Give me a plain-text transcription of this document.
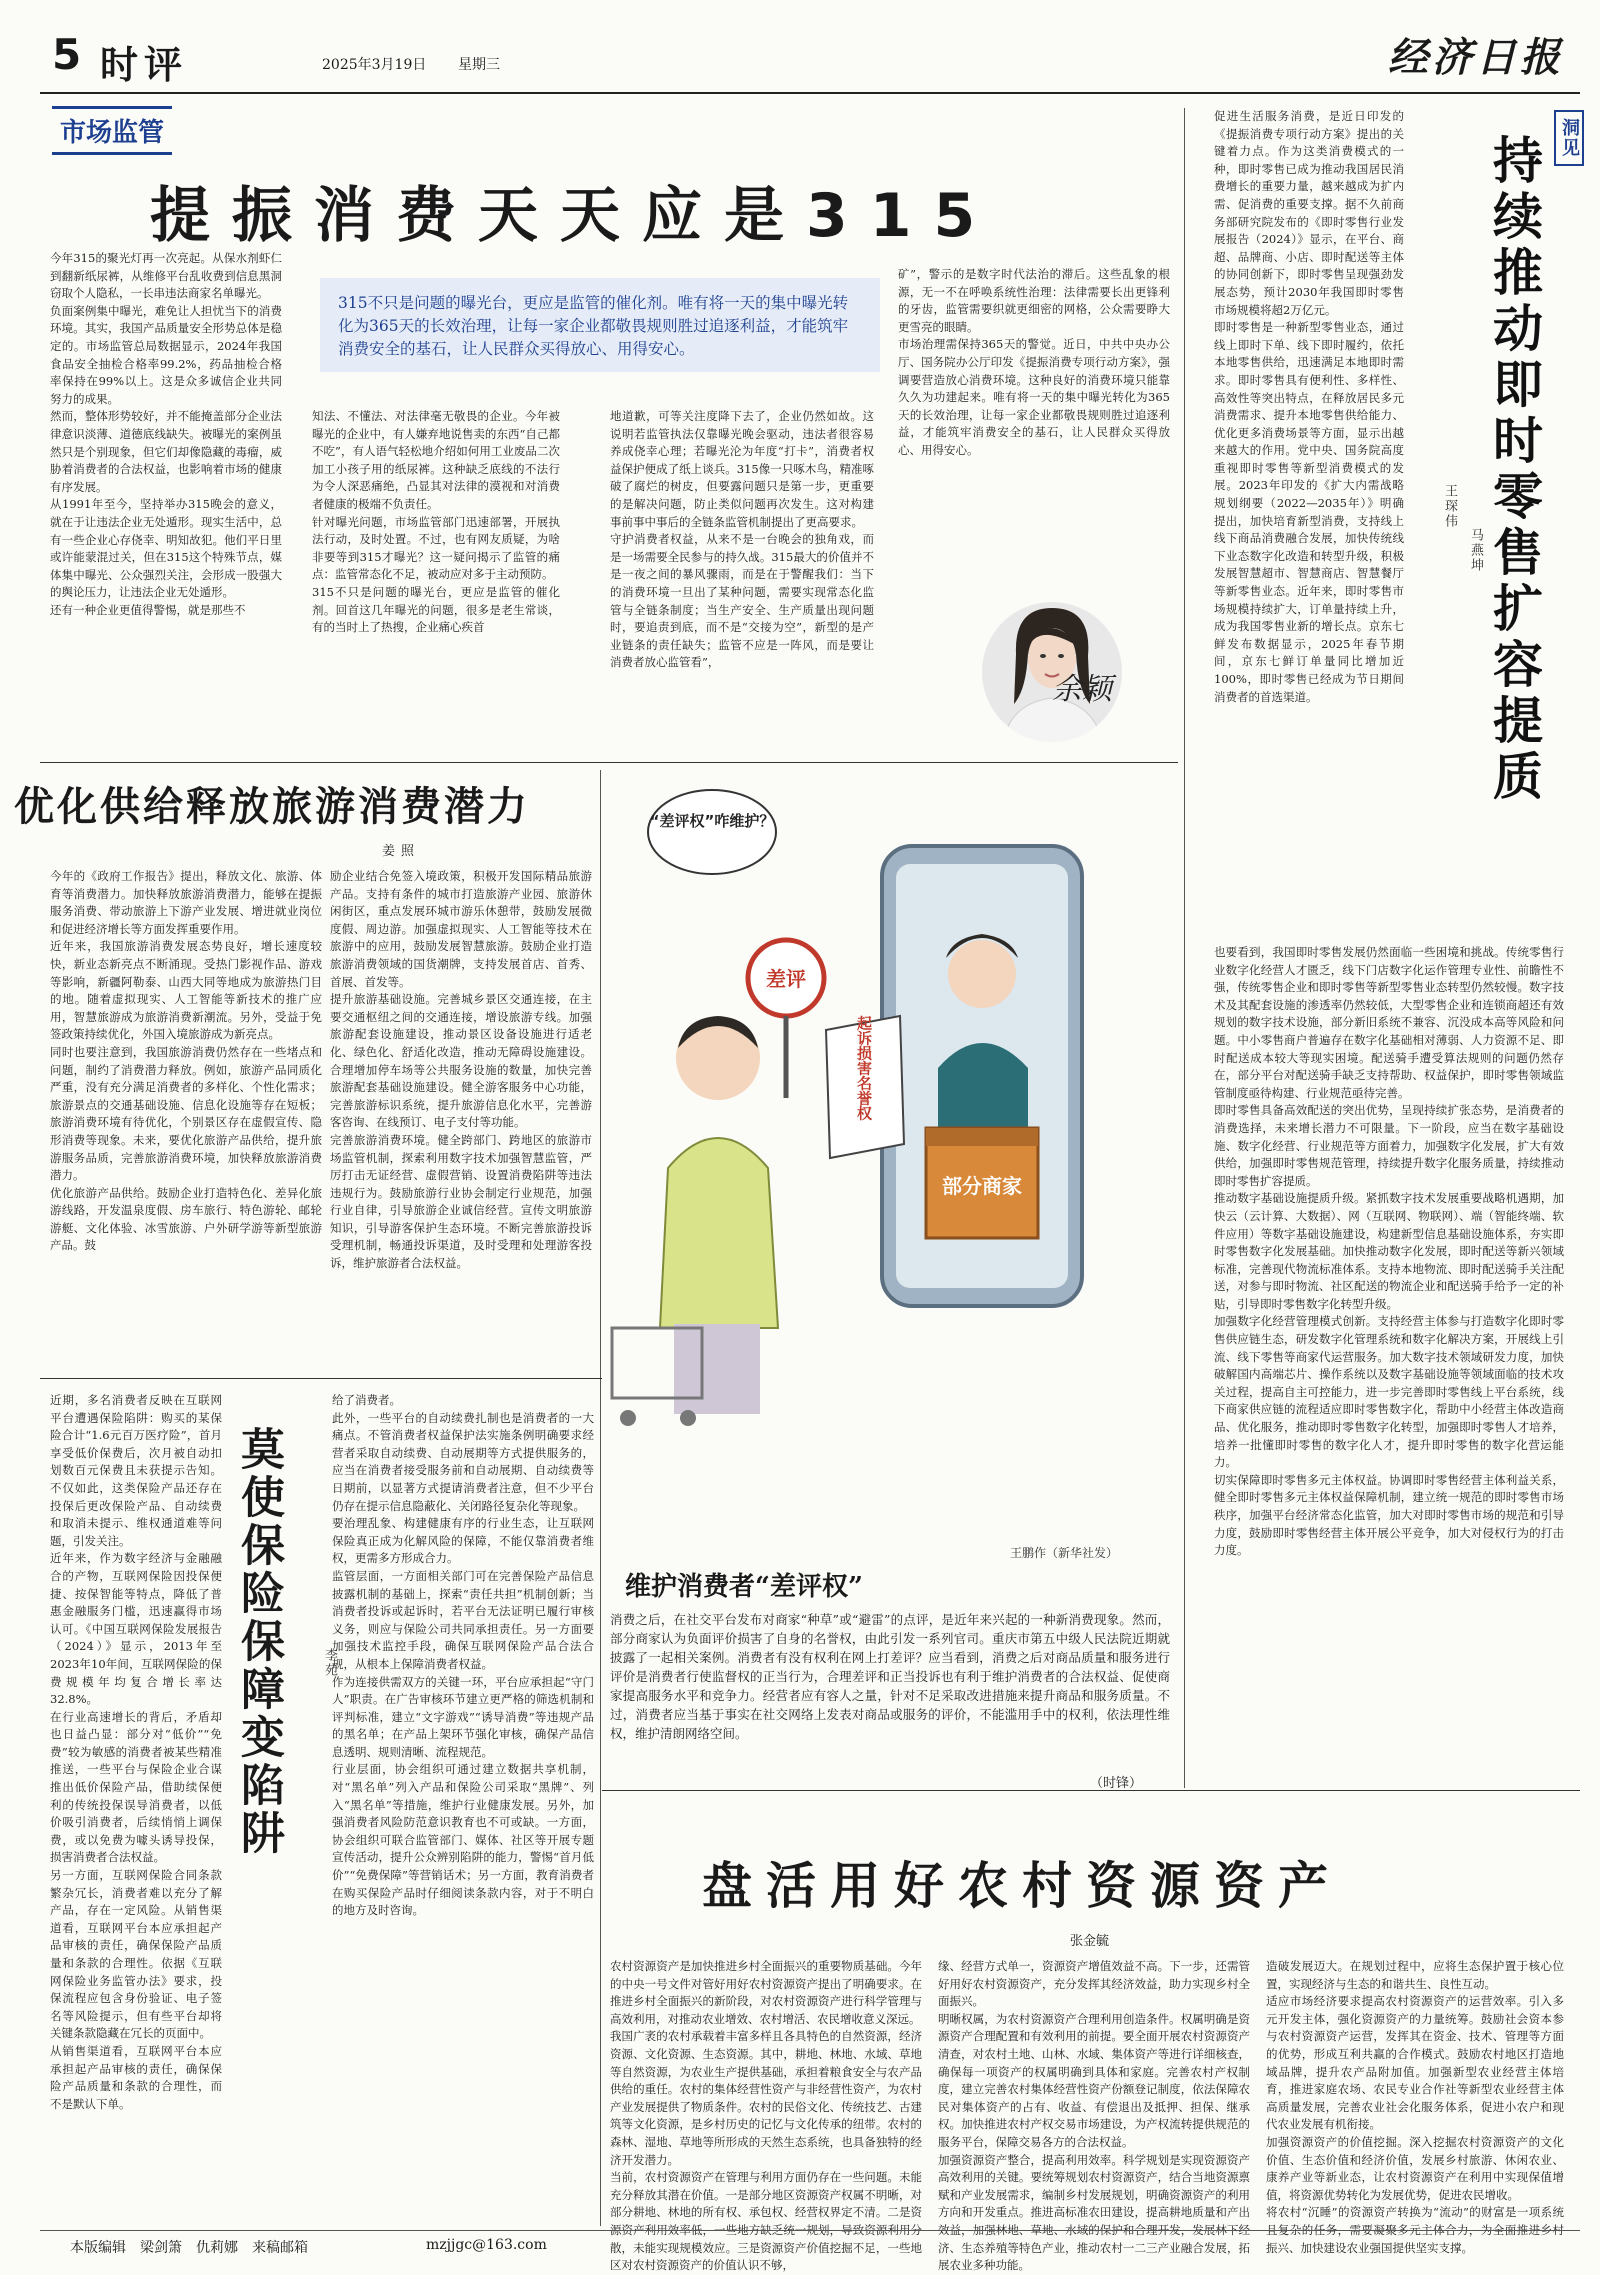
5 时评	2025年3月19日 星期三	经济日报
市场监管
提振消费天天应是315
315不只是问题的曝光台，更应是监管的催化剂。唯有将一天的集中曝光转化为365天的长效治理，让每一家企业都敬畏规则胜过追逐利益，才能筑牢消费安全的基石，让人民群众买得放心、用得安心。
今年315的聚光灯再一次亮起。从保水剂虾仁到翻新纸尿裤，从维修平台乱收费到信息黑洞窃取个人隐私，一长串违法商家名单曝光。
负面案例集中曝光，难免让人担忧当下的消费环境。其实，我国产品质量安全形势总体是稳定的。市场监管总局数据显示，2024年我国食品安全抽检合格率99.2%，药品抽检合格率保持在99%以上。这是众多诚信企业共同努力的成果。
然而，整体形势较好，并不能掩盖部分企业法律意识淡薄、道德底线缺失。被曝光的案例虽然只是个别现象，但它们却像隐藏的毒瘤，威胁着消费者的合法权益，也影响着市场的健康有序发展。
从1991年至今，坚持举办315晚会的意义，就在于让违法企业无处遁形。现实生活中，总有一些企业心存侥幸、明知故犯。他们平日里或许能蒙混过关，但在315这个特殊节点，媒体集中曝光、公众强烈关注，会形成一股强大的舆论压力，让违法企业无处遁形。
还有一种企业更值得警惕，就是那些不
知法、不懂法、对法律毫无敬畏的企业。今年被曝光的企业中，有人嫌弃地说售卖的东西“自己都不吃”，有人语气轻松地介绍如何用工业废品二次加工小孩子用的纸尿裤。这种缺乏底线的不法行为令人深恶痛绝，凸显其对法律的漠视和对消费者健康的极端不负责任。
针对曝光问题，市场监管部门迅速部署，开展执法行动，及时处置。不过，也有网友质疑，为啥非要等到315才曝光？这一疑问揭示了监管的痛点：监管常态化不足，被动应对多于主动预防。
315不只是问题的曝光台，更应是监管的催化剂。回首这几年曝光的问题，很多是老生常谈，有的当时上了热搜，企业痛心疾首
地道歉，可等关注度降下去了，企业仍然如故。这说明若监管执法仅靠曝光晚会驱动，违法者很容易养成侥幸心理；若曝光沦为年度“打卡”，消费者权益保护便成了纸上谈兵。315像一只啄木鸟，精准啄破了腐烂的树皮，但要露问题只是第一步，更重要的是解决问题，防止类似问题再次发生。这对构建事前事中事后的全链条监管机制提出了更高要求。
守护消费者权益，从来不是一台晚会的独角戏，而是一场需要全民参与的持久战。315最大的价值并不是一夜之间的暴风骤雨，而是在于警醒我们：当下的消费环境一旦出了某种问题，需要实现常态化监管与全链条制度；当生产安全、生产质量出现问题时，要追责到底，而不是“交接为空”，新型的是产业链条的责任缺失；监管不应是一阵风，而是要让消费者放心监管看”，
矿”，警示的是数字时代法治的滞后。这些乱象的根源，无一不在呼唤系统性治理：法律需要长出更锋利的牙齿，监管需要织就更细密的网格，公众需要睁大更雪亮的眼睛。
市场治理需保持365天的警觉。近日，中共中央办公厅、国务院办公厅印发《提振消费专项行动方案》，强调要营造放心消费环境。这种良好的消费环境只能靠久久为功建起来。唯有将一天的集中曝光转化为365天的长效治理，让每一家企业都敬畏规则胜过追逐利益，才能筑牢消费安全的基石，让人民群众买得放心、用得安心。
余颖
优化供给释放旅游消费潜力
姜照
今年的《政府工作报告》提出，释放文化、旅游、体育等消费潜力。加快释放旅游消费潜力，能够在提振服务消费、带动旅游上下游产业发展、增进就业岗位和促进经济增长等方面发挥重要作用。
近年来，我国旅游消费发展态势良好，增长速度较快，新业态新亮点不断涌现。受热门影视作品、游戏等影响，新疆阿勒泰、山西大同等地成为旅游热门目的地。随着虚拟现实、人工智能等新技术的推广应用，智慧旅游成为旅游消费新潮流。另外，受益于免签政策持续优化，外国入境旅游成为新亮点。
同时也要注意到，我国旅游消费仍然存在一些堵点和问题，制约了消费潜力释放。例如，旅游产品同质化严重，没有充分满足消费者的多样化、个性化需求；旅游景点的交通基础设施、信息化设施等存在短板；旅游消费环境有待优化，个别景区存在虚假宣传、隐形消费等现象。未来，要优化旅游产品供给，提升旅游服务品质，完善旅游消费环境，加快释放旅游消费潜力。
优化旅游产品供给。鼓励企业打造特色化、差异化旅游线路，开发温泉度假、房车旅行、特色游轮、邮轮游艇、文化体验、冰雪旅游、户外研学游等新型旅游产品。鼓
励企业结合免签入境政策，积极开发国际精品旅游产品。支持有条件的城市打造旅游产业园、旅游休闲街区，重点发展环城市游乐休憩带，鼓励发展微度假、周边游。加强虚拟现实、人工智能等技术在旅游中的应用，鼓励发展智慧旅游。鼓励企业打造旅游消费领域的国货潮牌，支持发展首店、首秀、首展、首发等。
提升旅游基础设施。完善城乡景区交通连接，在主要交通枢纽之间的交通连接，增设旅游专线。加强旅游配套设施建设，推动景区设备设施进行适老化、绿色化、舒适化改造，推动无障碍设施建设。合理增加停车场等公共服务设施的数量，加快完善旅游配套基础设施建设。健全游客服务中心功能，完善旅游标识系统，提升旅游信息化水平，完善游客咨询、在线预订、电子支付等功能。
完善旅游消费环境。健全跨部门、跨地区的旅游市场监管机制，探索利用数字技术加强智慧监管，严厉打击无证经营、虚假营销、设置消费陷阱等违法违规行为。鼓励旅游行业协会制定行业规范，加强行业自律，引导旅游企业诚信经营。宣传文明旅游知识，引导游客保护生态环境。不断完善旅游投诉受理机制，畅通投诉渠道，及时受理和处理游客投诉，维护旅游者合法权益。
部分商家
起诉损害名誉权
差评
“差评权”咋维护？
王鹏作（新华社发）
维护消费者“差评权”
消费之后，在社交平台发布对商家“种草”或“避雷”的点评，是近年来兴起的一种新消费现象。然而，部分商家认为负面评价损害了自身的名誉权，由此引发一系列官司。重庆市第五中级人民法院近期就披露了一起相关案例。消费者有没有权利在网上打差评？应当看到，消费之后对商品质量和服务进行评价是消费者行使监督权的正当行为，合理差评和正当投诉也有利于维护消费者的合法权益、促使商家提高服务水平和竞争力。经营者应有容人之量，针对不足采取改进措施来提升商品和服务质量。不过，消费者应当基于事实在社交网络上发表对商品或服务的评价，不能滥用手中的权利，依法理性维权，维护清朗网络空间。
（时锋）
洞见
持续推动即时零售扩容提质
王琛伟
马燕坤
促进生活服务消费，是近日印发的《提振消费专项行动方案》提出的关键着力点。作为这类消费模式的一种，即时零售已成为推动我国居民消费增长的重要力量，越来越成为扩内需、促消费的重要支撑。据不久前商务部研究院发布的《即时零售行业发展报告（2024）》显示，在平台、商超、品牌商、小店、即时配送等主体的协同创新下，即时零售呈现强劲发展态势，预计2030年我国即时零售市场规模将超2万亿元。
即时零售是一种新型零售业态，通过线上即时下单、线下即时履约，依托本地零售供给，迅速满足本地即时需求。即时零售具有便利性、多样性、高效性等突出特点，在释放居民多元消费需求、提升本地零售供给能力、优化更多消费场景等方面，显示出越来越大的作用。党中央、国务院高度重视即时零售等新型消费模式的发展。2023年印发的《扩大内需战略规划纲要（2022—2035年）》明确提出，加快培育新型消费，支持线上线下商品消费融合发展，加快传统线下业态数字化改造和转型升级，积极发展智慧超市、智慧商店、智慧餐厅等新零售业态。近年来，即时零售市场规模持续扩大，订单量持续上升，成为我国零售业新的增长点。京东七鲜发布数据显示，2025年春节期间，京东七鲜订单量同比增加近100%，即时零售已经成为节日期间消费者的首选渠道。
也要看到，我国即时零售发展仍然面临一些困境和挑战。传统零售行业数字化经营人才匮乏，线下门店数字化运作管理专业性、前瞻性不强，传统零售企业和即时零售等新型零售业态转型仍然较慢。数字技术及其配套设施的渗透率仍然较低，大型零售企业和连锁商超还有效规划的数字技术设施，部分新旧系统不兼容、沉没成本高等风险和问题。中小零售商户普遍存在数字化基础相对薄弱、人力资源不足、即时配送成本较大等现实困境。配送骑手遭受算法规则的问题仍然存在，部分平台对配送骑手缺乏支持帮助、权益保护，即时零售领域监管制度亟待构建、行业规范亟待完善。
即时零售具备高效配送的突出优势，呈现持续扩张态势，是消费者的消费选择，未来增长潜力不可限量。下一阶段，应当在数字基础设施、数字化经营、行业规范等方面着力，加强数字化发展，扩大有效供给，加强即时零售规范管理，持续提升数字化服务质量，持续推动即时零售扩容提质。
推动数字基础设施提质升级。紧抓数字技术发展重要战略机遇期，加快云（云计算、大数据）、网（互联网、物联网）、端（智能终端、软件应用）等数字基础设施建设，构建新型信息基础设施体系，夯实即时零售数字化发展基础。加快推动数字化发展，即时配送等新兴领域标准，完善现代物流标准体系。支持本地物流、即时配送骑手关注配送，对参与即时物流、社区配送的物流企业和配送骑手给予一定的补贴，引导即时零售数字化转型升级。
加强数字化经营管理模式创新。支持经营主体参与打造数字化即时零售供应链生态，研发数字化管理系统和数字化解决方案，开展线上引流、线下零售等商家代运营服务。加大数字技术领域研发力度，加快破解国内高端芯片、操作系统以及数字基础设施等领域面临的技术攻关过程，提高自主可控能力，进一步完善即时零售线上平台系统，线下商家供应链的流程适应即时零售数字化，帮助中小经营主体改造商品、优化服务，推动即时零售数字化转型，加强即时零售人才培养，培养一批懂即时零售的数字化人才，提升即时零售的数字化营运能力。
切实保障即时零售多元主体权益。协调即时零售经营主体利益关系，健全即时零售多元主体权益保障机制，建立统一规范的即时零售市场秩序，加强平台经济常态化监管，加大对即时零售市场的规范和引导力度，鼓励即时零售经营主体开展公平竞争，加大对侵权行为的打击力度。
莫使保险保障变陷阱	李苑
近期，多名消费者反映在互联网平台遭遇保险陷阱：购买的某保险合计“1.6元百万医疗险”，首月享受低价保费后，次月被自动扣划数百元保费且未获提示告知。不仅如此，这类保险产品还存在投保后更改保险产品、自动续费和取消未提示、维权通道难等问题，引发关注。
近年来，作为数字经济与金融融合的产物，互联网保险因投保便捷、按保智能等特点，降低了普惠金融服务门槛，迅速赢得市场认可。《中国互联网保险发展报告（2024）》显示，2013年至2023年10年间，互联网保险的保费规模年均复合增长率达32.8%。
在行业高速增长的背后，矛盾却也日益凸显：部分对“低价”“免费”较为敏感的消费者被某些精准推送，一些平台与保险企业合谋推出低价保险产品，借助续保便利的传统投保误导消费者，以低价吸引消费者，后续悄悄上调保费，或以免费为噱头诱导投保，损害消费者合法权益。
另一方面，互联网保险合同条款繁杂冗长，消费者难以充分了解产品，存在一定风险。从销售渠道看，互联网平台本应承担起产品审核的责任，确保保险产品质量和条款的合理性。依据《互联网保险业务监管办法》要求，投保流程应包含身份验证、电子签名等风险提示，但有些平台却将关键条款隐藏在冗长的页面中。
从销售渠道看，互联网平台本应承担起产品审核的责任，确保保险产品质量和条款的合理性，而不是默认下单。
给了消费者。
此外，一些平台的自动续费扎制也是消费者的一大痛点。不管消费者权益保护法实施条例明确要求经营者采取自动续费、自动展期等方式提供服务的，应当在消费者接受服务前和自动展期、自动续费等日期前，以显著方式提请消费者注意，但不少平台仍存在提示信息隐蔽化、关闭路径复杂化等现象。
要治理乱象、构建健康有序的行业生态，让互联网保险真正成为化解风险的保障，不能仅靠消费者维权，更需多方形成合力。
监管层面，一方面相关部门可在完善保险产品信息披露机制的基础上，探索“责任共担”机制创新；当消费者投诉或起诉时，若平台无法证明已履行审核义务，则应与保险公司共同承担责任。另一方面要加强技术监控手段，确保互联网保险产品合法合规，从根本上保障消费者权益。
作为连接供需双方的关键一环，平台应承担起“守门人”职责。在广告审核环节建立更严格的筛选机制和评判标准，建立“文字游戏”“诱导消费”等违规产品的黑名单；在产品上架环节强化审核，确保产品信息透明、规则清晰、流程规范。
行业层面，协会组织可通过建立数据共享机制，对“黑名单”列入产品和保险公司采取“黑牌”、列入“黑名单”等措施，维护行业健康发展。另外，加强消费者风险防范意识教育也不可或缺。一方面，协会组织可联合监管部门、媒体、社区等开展专题宣传活动，提升公众辨别陷阱的能力，警惕“首月低价”“免费保障”等营销话术；另一方面，教育消费者在购买保险产品时仔细阅读条款内容，对于不明白的地方及时咨询。	盘活用好农村资源资产
张金毓
农村资源资产是加快推进乡村全面振兴的重要物质基础。今年的中央一号文件对管好用好农村资源资产提出了明确要求。在推进乡村全面振兴的新阶段，对农村资源资产进行科学管理与高效利用，对推动农业增效、农村增活、农民增收意义深远。
我国广袤的农村承载着丰富多样且各具特色的自然资源，经济资源、文化资源、生态资源。其中，耕地、林地、水域、草地等自然资源，为农业生产提供基础，承担着粮食安全与农产品供给的重任。农村的集体经营性资产与非经营性资产，为农村产业发展提供了物质条件。农村的民俗文化、传统技艺、古建筑等文化资源，是乡村历史的记忆与文化传承的纽带。农村的森林、湿地、草地等所形成的天然生态系统，也具备独特的经济开发潜力。
当前，农村资源资产在管理与利用方面仍存在一些问题。未能充分释放其潜在价值。一是部分地区资源资产权属不明晰，对部分耕地、林地的所有权、承包权、经营权界定不清。二是资源资产利用效率低，一些地方缺乏统一规划，导致资源利用分散，未能实现规模效应。三是资源资产价值挖掘不足，一些地区对农村资源资产的价值认识不够，
缘、经营方式单一，资源资产增值效益不高。下一步，还需管好用好农村资源资产，充分发挥其经济效益，助力实现乡村全面振兴。
明晰权属，为农村资源资产合理利用创造条件。权属明确是资源资产合理配置和有效利用的前提。要全面开展农村资源资产清查，对农村土地、山林、水域、集体资产等进行详细核查，确保每一项资产的权属明确到具体和家庭。完善农村产权制度，建立完善农村集体经营性资产份额登记制度，依法保障农民对集体资产的占有、收益、有偿退出及抵押、担保、继承权。加快推进农村产权交易市场建设，为产权流转提供规范的服务平台，保障交易各方的合法权益。
加强资源资产整合，提高利用效率。科学规划是实现资源资产高效利用的关键。要统筹规划农村资源资产，结合当地资源禀赋和产业发展需求，编制乡村发展规划，明确资源资产的利用方向和开发重点。推进高标准农田建设，提高耕地质量和产出效益，加强林地、草地、水域的保护和合理开发，发展林下经济、生态养殖等特色产业，推动农村一二三产业融合发展，拓展农业多种功能。
造破发展迈大。在规划过程中，应将生态保护置于核心位置，实现经济与生态的和谐共生、良性互动。
适应市场经济要求提高农村资源资产的运营效率。引入多元开发主体，强化资源资产的力量统筹。鼓励社会资本参与农村资源资产运营，发挥其在资金、技术、管理等方面的优势，形成互利共赢的合作模式。鼓励农村地区打造地域品牌，提升农产品附加值。加强新型农业经营主体培育，推进家庭农场、农民专业合作社等新型农业经营主体高质量发展，完善农业社会化服务体系，促进小农户和现代农业发展有机衔接。
加强资源资产的价值挖掘。深入挖掘农村资源资产的文化价值、生态价值和经济价值，发展乡村旅游、休闲农业、康养产业等新业态，让农村资源资产在利用中实现保值增值，将资源优势转化为发展优势，促进农民增收。
将农村“沉睡”的资源资产转换为“流动”的财富是一项系统且复杂的任务，需要凝聚多元主体合力，为全面推进乡村振兴、加快建设农业强国提供坚实支撑。
本版编辑　梁剑箫　仇莉娜　来稿邮箱	mzjjgc@163.com
